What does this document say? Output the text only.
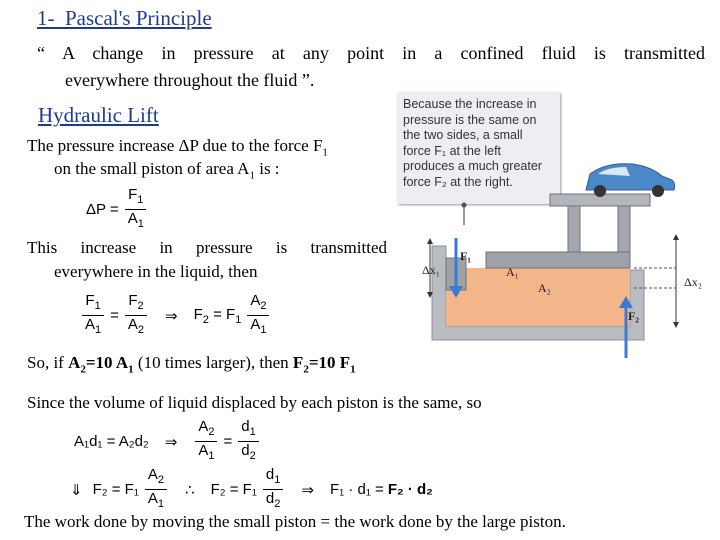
1-  Pascal's Principle
“ A change in pressure at any point in a confined fluid is transmitted
everywhere throughout the fluid ”.
Hydraulic Lift
The pressure increase ΔP due to the force $F_1$
on the small piston of area $A_1$ is :
$\Delta P = \frac{F_1}{A_1}$
This increase in pressure is transmitted
everywhere in the liquid, then
$\frac{F_1}{A_1} = \frac{F_2}{A_2}$ ⇒ $F_2 = F_1 \frac{A_2}{A_1}$
So, if $A_2=10$ $A_1$ (10 times larger), then $F_2=10$ $F_1$
Since the volume of liquid displaced by each piston is the same, so
A₁d₁ = A₂d₂ ⇒ $\frac{A_2}{A_1} = \frac{d_1}{d_2}$
⇓ $F_2 = F_1 \frac{A_2}{A_1}$ ∴ $F_2 = F_1 \frac{d_1}{d_2}$ ⇒ F₁ · d₁ = F₂ · d₂
The work done by moving the small piston = the work done by the large piston.
Because the increase in
pressure is the same on
the two sides, a small
force F₁ at the left
produces a much greater
force F₂ at the right.
Δx₁
F₁
A₁
A₂
F₂
Δx₂
